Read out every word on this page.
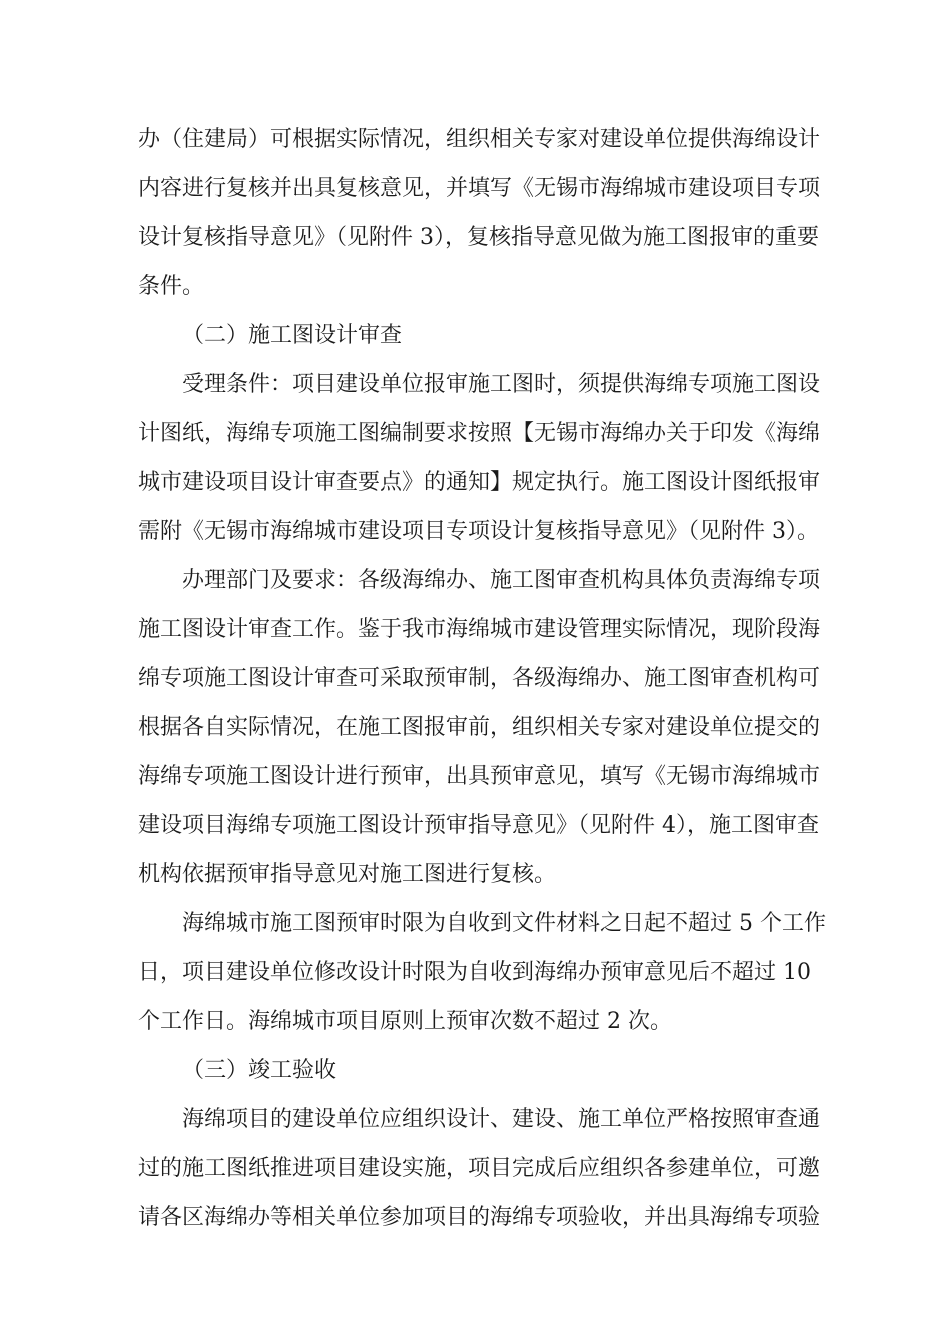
办（住建局）可根据实际情况，组织相关专家对建设单位提供海绵设计
内容进行复核并出具复核意见，并填写《无锡市海绵城市建设项目专项
设计复核指导意见》（见附件 3），复核指导意见做为施工图报审的重要
条件。
（二）施工图设计审查
受理条件：项目建设单位报审施工图时，须提供海绵专项施工图设
计图纸，海绵专项施工图编制要求按照【无锡市海绵办关于印发《海绵
城市建设项目设计审查要点》的通知】规定执行。施工图设计图纸报审
需附《无锡市海绵城市建设项目专项设计复核指导意见》（见附件 3）。
办理部门及要求：各级海绵办、施工图审查机构具体负责海绵专项
施工图设计审查工作。鉴于我市海绵城市建设管理实际情况，现阶段海
绵专项施工图设计审查可采取预审制，各级海绵办、施工图审查机构可
根据各自实际情况，在施工图报审前，组织相关专家对建设单位提交的
海绵专项施工图设计进行预审，出具预审意见，填写《无锡市海绵城市
建设项目海绵专项施工图设计预审指导意见》（见附件 4），施工图审查
机构依据预审指导意见对施工图进行复核。
海绵城市施工图预审时限为自收到文件材料之日起不超过 5 个工作
日，项目建设单位修改设计时限为自收到海绵办预审意见后不超过 10
个工作日。海绵城市项目原则上预审次数不超过 2 次。
（三）竣工验收
海绵项目的建设单位应组织设计、建设、施工单位严格按照审查通
过的施工图纸推进项目建设实施，项目完成后应组织各参建单位，可邀
请各区海绵办等相关单位参加项目的海绵专项验收，并出具海绵专项验
